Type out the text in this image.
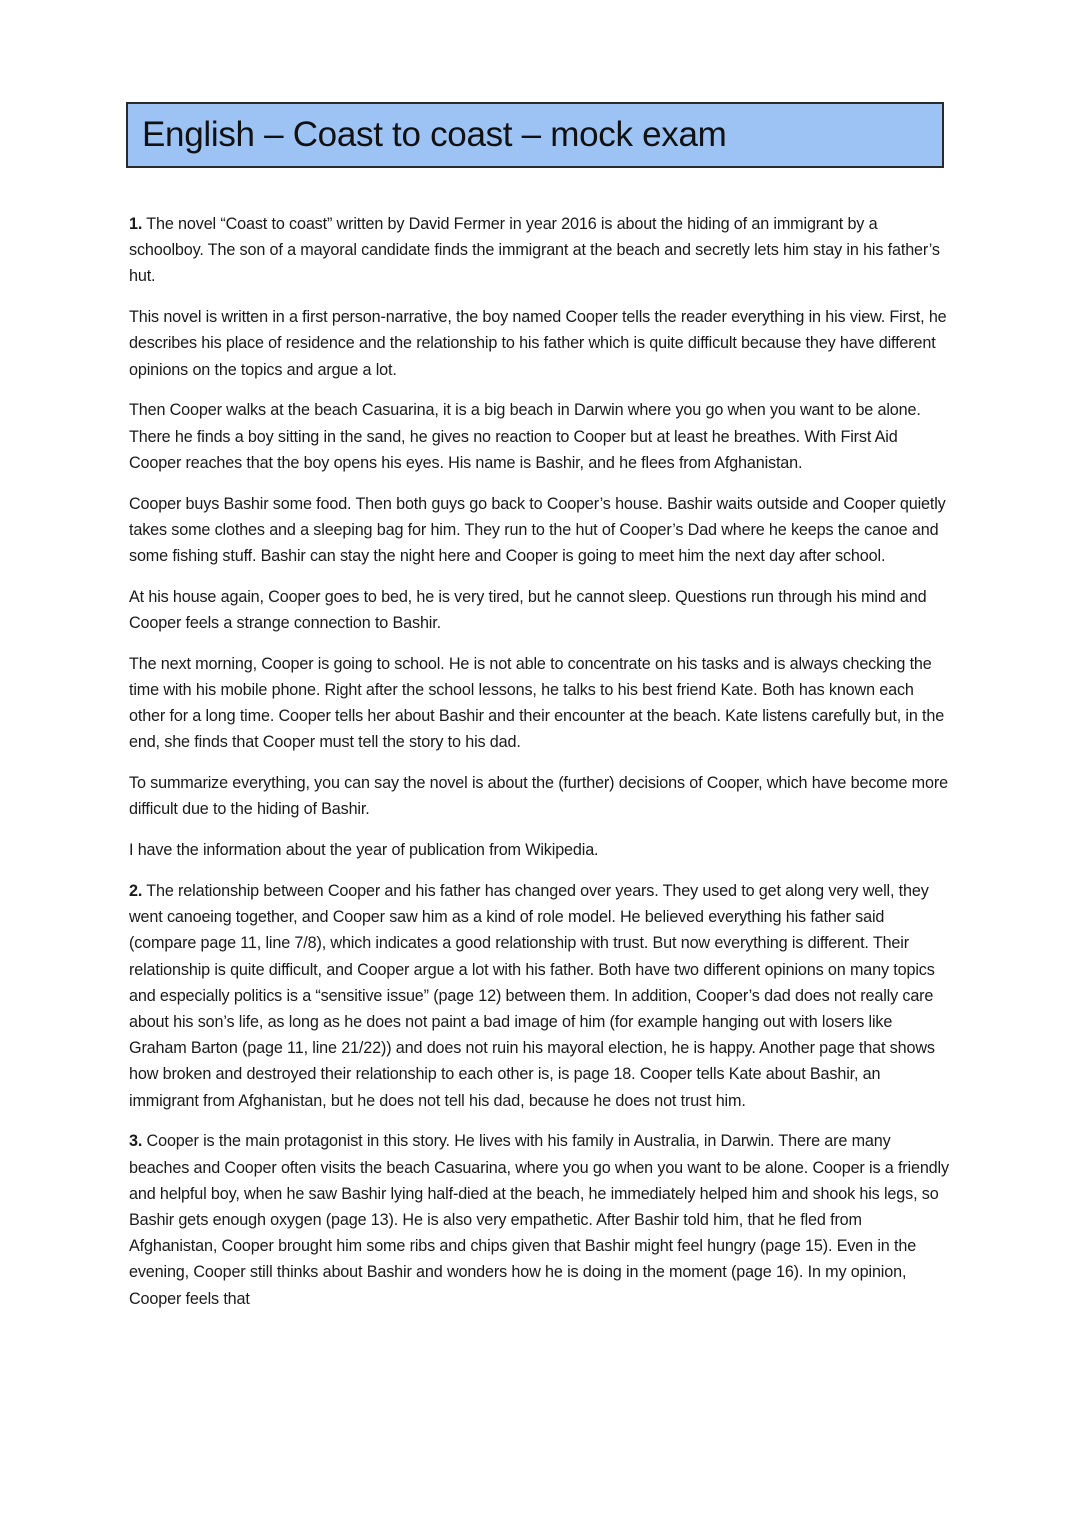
English – Coast to coast – mock exam

1. The novel “Coast to coast” written by David Fermer in year 2016 is about the hiding of an immigrant by a schoolboy. The son of a mayoral candidate finds the immigrant at the beach and secretly lets him stay in his father’s hut.

This novel is written in a first person-narrative, the boy named Cooper tells the reader everything in his view. First, he describes his place of residence and the relationship to his father which is quite difficult because they have different opinions on the topics and argue a lot.

Then Cooper walks at the beach Casuarina, it is a big beach in Darwin where you go when you want to be alone. There he finds a boy sitting in the sand, he gives no reaction to Cooper but at least he breathes. With First Aid Cooper reaches that the boy opens his eyes. His name is Bashir, and he flees from Afghanistan.

Cooper buys Bashir some food. Then both guys go back to Cooper’s house. Bashir waits outside and Cooper quietly takes some clothes and a sleeping bag for him. They run to the hut of Cooper’s Dad where he keeps the canoe and some fishing stuff. Bashir can stay the night here and Cooper is going to meet him the next day after school.

At his house again, Cooper goes to bed, he is very tired, but he cannot sleep. Questions run through his mind and Cooper feels a strange connection to Bashir.

The next morning, Cooper is going to school. He is not able to concentrate on his tasks and is always checking the time with his mobile phone. Right after the school lessons, he talks to his best friend Kate. Both has known each other for a long time. Cooper tells her about Bashir and their encounter at the beach. Kate listens carefully but, in the end, she finds that Cooper must tell the story to his dad.

To summarize everything, you can say the novel is about the (further) decisions of Cooper, which have become more difficult due to the hiding of Bashir.

I have the information about the year of publication from Wikipedia.

2. The relationship between Cooper and his father has changed over years. They used to get along very well, they went canoeing together, and Cooper saw him as a kind of role model. He believed everything his father said (compare page 11, line 7/8), which indicates a good relationship with trust. But now everything is different. Their relationship is quite difficult, and Cooper argue a lot with his father. Both have two different opinions on many topics and especially politics is a “sensitive issue” (page 12) between them. In addition, Cooper’s dad does not really care about his son’s life, as long as he does not paint a bad image of him (for example hanging out with losers like Graham Barton (page 11, line 21/22)) and does not ruin his mayoral election, he is happy. Another page that shows how broken and destroyed their relationship to each other is, is page 18. Cooper tells Kate about Bashir, an immigrant from Afghanistan, but he does not tell his dad, because he does not trust him.

3. Cooper is the main protagonist in this story. He lives with his family in Australia, in Darwin. There are many beaches and Cooper often visits the beach Casuarina, where you go when you want to be alone. Cooper is a friendly and helpful boy, when he saw Bashir lying half-died at the beach, he immediately helped him and shook his legs, so Bashir gets enough oxygen (page 13). He is also very empathetic. After Bashir told him, that he fled from Afghanistan, Cooper brought him some ribs and chips given that Bashir might feel hungry (page 15). Even in the evening, Cooper still thinks about Bashir and wonders how he is doing in the moment (page 16). In my opinion, Cooper feels that
